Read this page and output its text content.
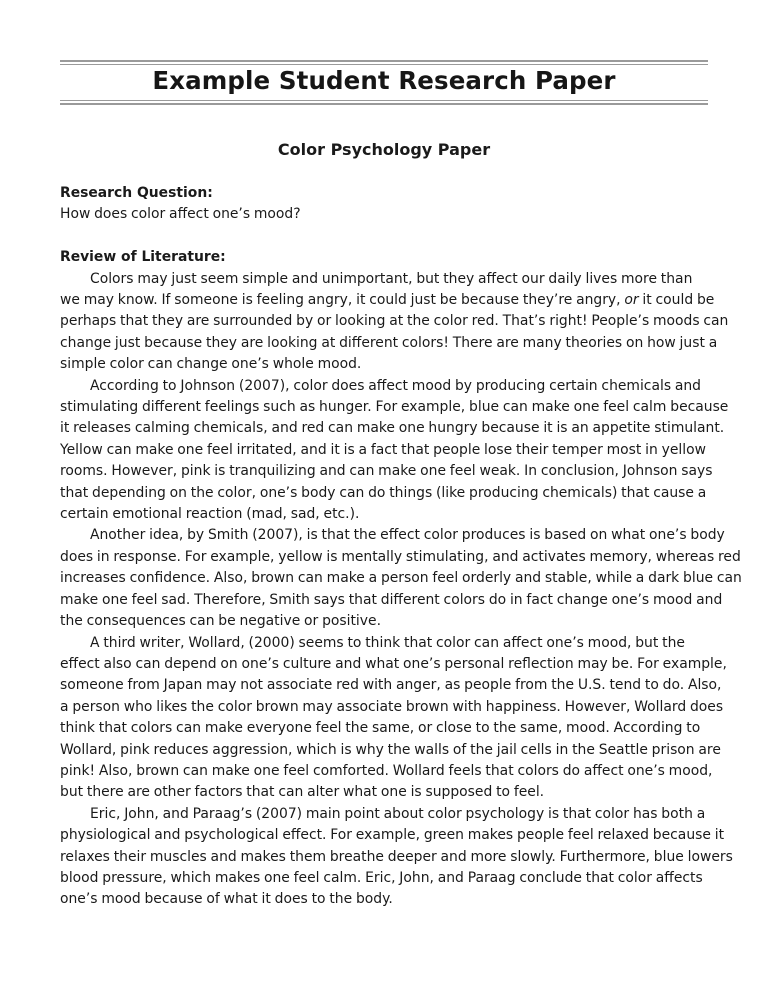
Example Student Research Paper
Color Psychology Paper

Research Question:

How does color affect one’s mood?

Review of Literature:

Colors may just seem simple and unimportant, but they affect our daily lives more than

we may know. If someone is feeling angry, it could just be because they’re angry, or it could be

perhaps that they are surrounded by or looking at the color red. That’s right! People’s moods can

change just because they are looking at different colors! There are many theories on how just a

simple color can change one’s whole mood.

According to Johnson (2007), color does affect mood by producing certain chemicals and

stimulating different feelings such as hunger. For example, blue can make one feel calm because

it releases calming chemicals, and red can make one hungry because it is an appetite stimulant.

Yellow can make one feel irritated, and it is a fact that people lose their temper most in yellow

rooms. However, pink is tranquilizing and can make one feel weak. In conclusion, Johnson says

that depending on the color, one’s body can do things (like producing chemicals) that cause a

certain emotional reaction (mad, sad, etc.).

Another idea, by Smith (2007), is that the effect color produces is based on what one’s body

does in response. For example, yellow is mentally stimulating, and activates memory, whereas red

increases confidence. Also, brown can make a person feel orderly and stable, while a dark blue can

make one feel sad. Therefore, Smith says that different colors do in fact change one’s mood and

the consequences can be negative or positive.

A third writer, Wollard, (2000) seems to think that color can affect one’s mood, but the

effect also can depend on one’s culture and what one’s personal reflection may be. For example,

someone from Japan may not associate red with anger, as people from the U.S. tend to do. Also,

a person who likes the color brown may associate brown with happiness. However, Wollard does

think that colors can make everyone feel the same, or close to the same, mood. According to

Wollard, pink reduces aggression, which is why the walls of the jail cells in the Seattle prison are

pink! Also, brown can make one feel comforted. Wollard feels that colors do affect one’s mood,

but there are other factors that can alter what one is supposed to feel.

Eric, John, and Paraag’s (2007) main point about color psychology is that color has both a

physiological and psychological effect. For example, green makes people feel relaxed because it

relaxes their muscles and makes them breathe deeper and more slowly. Furthermore, blue lowers

blood pressure, which makes one feel calm. Eric, John, and Paraag conclude that color affects

one’s mood because of what it does to the body.
